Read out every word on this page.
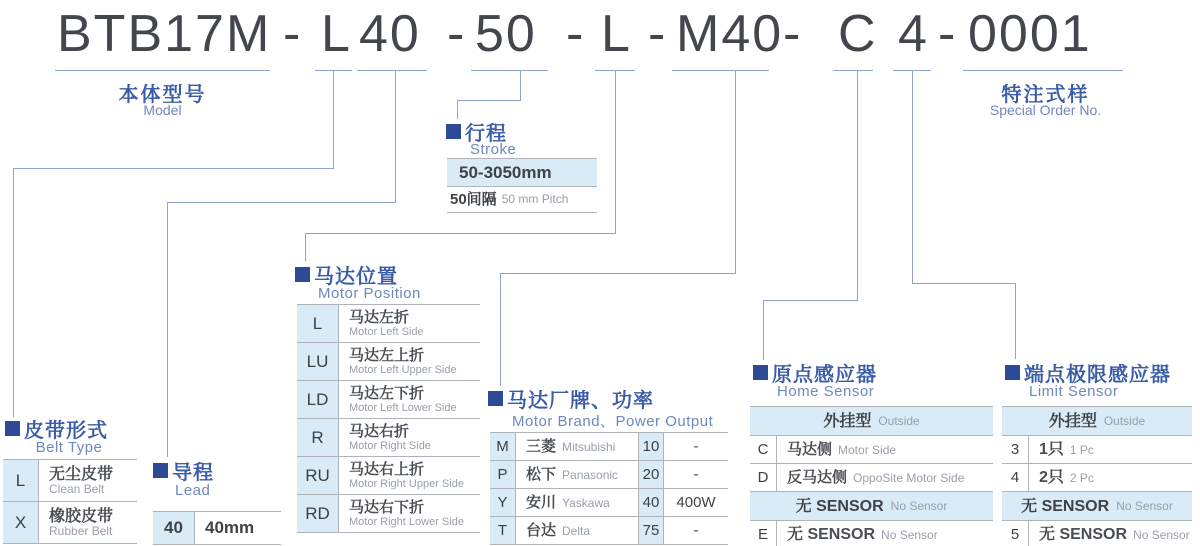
BTB17M - L 40 - 50 - L - M40 - C 4 - 0001
本体型号
Model
特注式样
Special Order No.
皮带形式
Belt Type
L	无尘皮带
Clean Belt
X	橡胶皮带
Rubber Belt
导程
Lead
40	40mm
马达位置
Motor Position
L	马达左折
Motor Left Side
LU	马达左上折
Motor Left Upper Side
LD	马达左下折
Motor Left Lower Side
R	马达右折
Motor Right Side
RU	马达右上折
Motor Right Upper Side
RD	马达右下折
Motor Right Lower Side
行程
Stroke
50-3050mm
50间隔 50 mm Pitch
马达厂牌、功率
Motor Brand、Power Output
M	三菱 Mitsubishi	10	-
P	松下 Panasonic	20	-
Y	安川 Yaskawa	40	400W
T	台达 Delta	75	-
原点感应器
Home Sensor
外挂型 Outside
C	马达侧 Motor Side
D	反马达侧 OppoSite Motor Side
无 SENSOR No Sensor
E	无 SENSOR No Sensor
端点极限感应器
Limit Sensor
外挂型 Outside
3	1只 1 Pc
4	2只 2 Pc
无 SENSOR No Sensor
5	无 SENSOR No Sensor
